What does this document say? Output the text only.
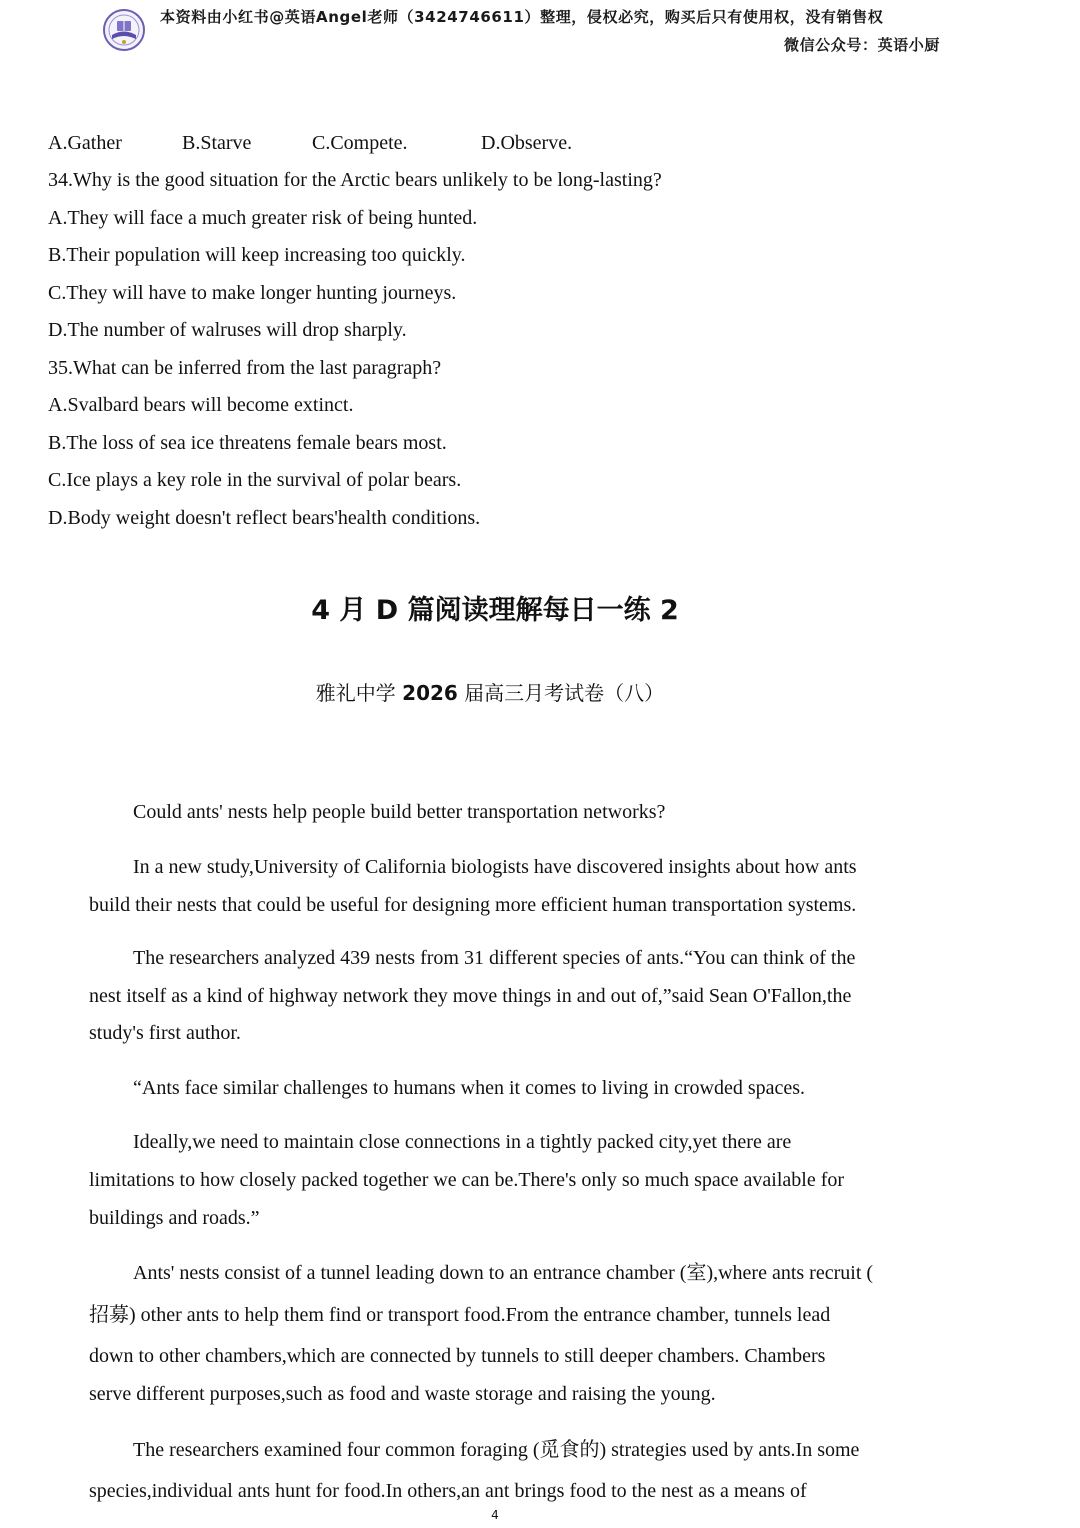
本资料由小红书@英语Angel老师（3424746611）整理，侵权必究，购买后只有使用权，没有销售权
微信公众号：英语小厨
A.Gather	B.Starve	C.Compete.	D.Observe.
34.Why is the good situation for the Arctic bears unlikely to be long-lasting?
A.They will face a much greater risk of being hunted.
B.Their population will keep increasing too quickly.
C.They will have to make longer hunting journeys.
D.The number of walruses will drop sharply.
35.What can be inferred from the last paragraph?
A.Svalbard bears will become extinct.
B.The loss of sea ice threatens female bears most.
C.Ice plays a key role in the survival of polar bears.
D.Body weight doesn't reflect bears'health conditions.
4 月 D 篇阅读理解每日一练 2
雅礼中学 2026 届高三月考试卷（八）
Could ants' nests help people build better transportation networks?
In a new study,University of California biologists have discovered insights about how ants
build their nests that could be useful for designing more efficient human transportation systems.
The researchers analyzed 439 nests from 31 different species of ants.“You can think of the
nest itself as a kind of highway network they move things in and out of,”said Sean O'Fallon,the
study's first author.
“Ants face similar challenges to humans when it comes to living in crowded spaces.
Ideally,we need to maintain close connections in a tightly packed city,yet there are
limitations to how closely packed together we can be.There's only so much space available for
buildings and roads.”
Ants' nests consist of a tunnel leading down to an entrance chamber (室),where ants recruit (
招募) other ants to help them find or transport food.From the entrance chamber, tunnels lead
down to other chambers,which are connected by tunnels to still deeper chambers. Chambers
serve different purposes,such as food and waste storage and raising the young.
The researchers examined four common foraging (觅食的) strategies used by ants.In some
species,individual ants hunt for food.In others,an ant brings food to the nest as a means of
4
